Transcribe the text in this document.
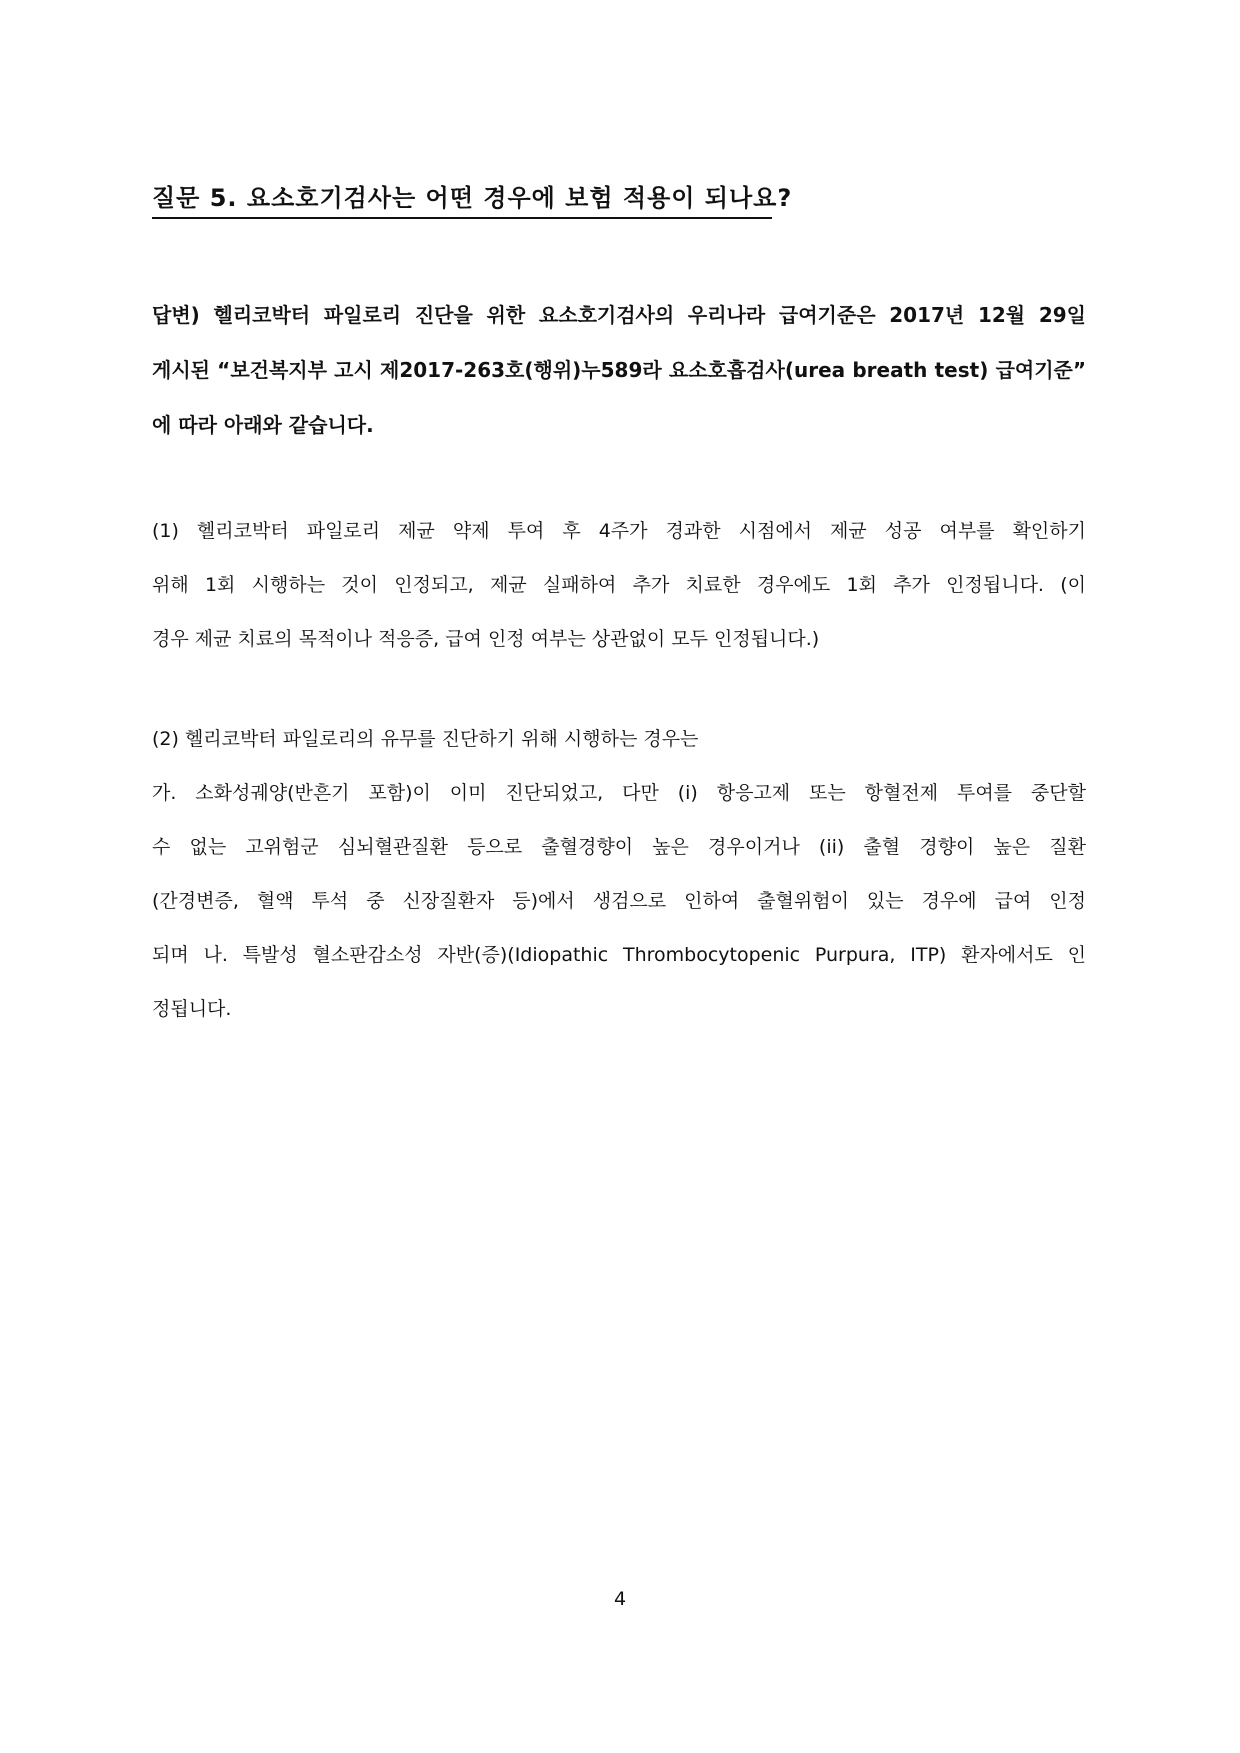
질문 5. 요소호기검사는 어떤 경우에 보험 적용이 되나요?
답변) 헬리코박터 파일로리 진단을 위한 요소호기검사의 우리나라 급여기준은 2017년 12월 29일
게시된 “보건복지부 고시 제2017-263호(행위)누589라 요소호흡검사(urea breath test) 급여기준”
에 따라 아래와 같습니다.
(1) 헬리코박터 파일로리 제균 약제 투여 후 4주가 경과한 시점에서 제균 성공 여부를 확인하기
위해 1회 시행하는 것이 인정되고, 제균 실패하여 추가 치료한 경우에도 1회 추가 인정됩니다. (이
경우 제균 치료의 목적이나 적응증, 급여 인정 여부는 상관없이 모두 인정됩니다.)
(2) 헬리코박터 파일로리의 유무를 진단하기 위해 시행하는 경우는
가. 소화성궤양(반흔기 포함)이 이미 진단되었고, 다만 (i) 항응고제 또는 항혈전제 투여를 중단할
수 없는 고위험군 심뇌혈관질환 등으로 출혈경향이 높은 경우이거나 (ii) 출혈 경향이 높은 질환
(간경변증, 혈액 투석 중 신장질환자 등)에서 생검으로 인하여 출혈위험이 있는 경우에 급여 인정
되며 나. 특발성 혈소판감소성 자반(증)(Idiopathic Thrombocytopenic Purpura, ITP) 환자에서도 인
정됩니다.
4
